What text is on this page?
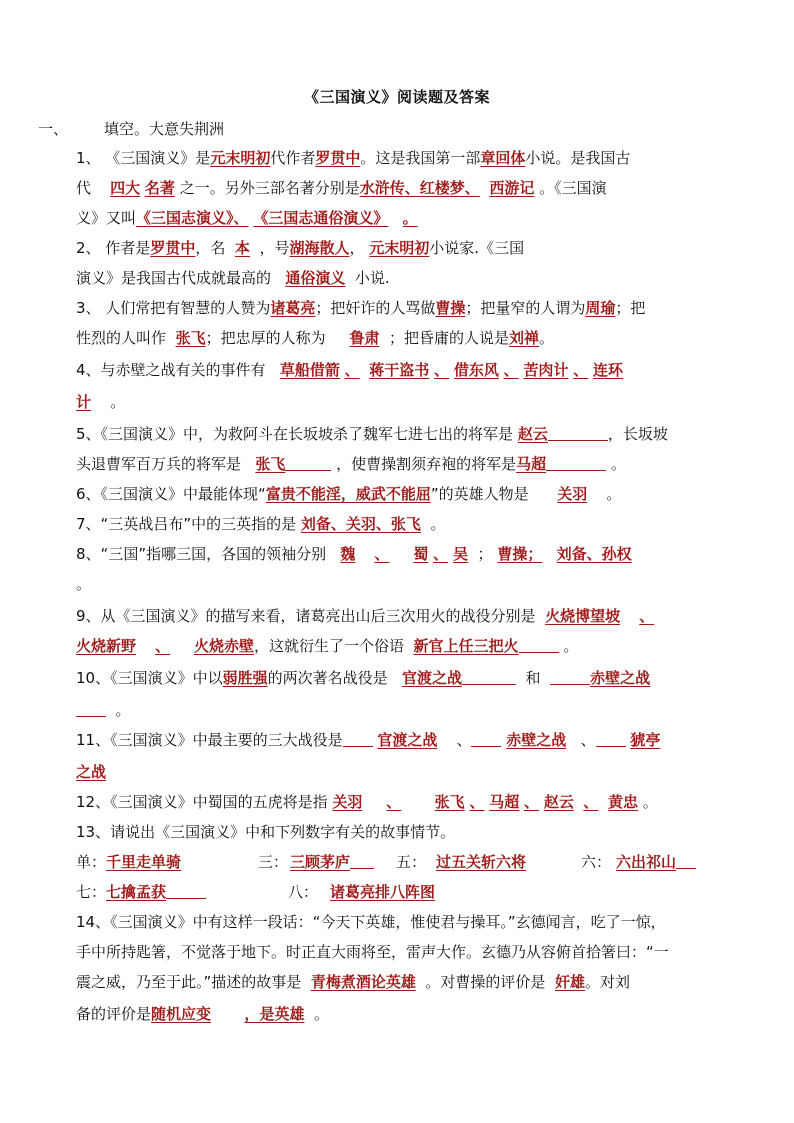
《三国演义》阅读题及答案
一、 填空。大意失荆洲
1、 《三国演义》是元末明初代作者罗贯中。这是我国第一部章回体小说。是我国古
代 四大 名著 之一。另外三部名著分别是水浒传、红楼梦、 西游记 。《三国演
义》又叫《三国志演义》、 《三国志通俗演义》 。
2、 作者是罗贯中，名 本 ，号湖海散人， 元末明初小说家.《三国
演义》是我国古代成就最高的 通俗演义 小说.
3、 人们常把有智慧的人赞为诸葛亮；把奸诈的人骂做曹操；把量窄的人谓为周瑜；把
性烈的人叫作 张飞；把忠厚的人称为 鲁肃 ；把昏庸的人说是刘禅。
4、与赤壁之战有关的事件有 草船借箭 、 蒋干盗书 、 借东风 、 苦肉计 、 连环
计 。
5、《三国演义》中，为救阿斗在长坂坡杀了魏军七进七出的将军是 赵云	，长坂坡
头退曹军百万兵的将军是 张飞	，使曹操割须弃袍的将军是马超	。
6、《三国演义》中最能体现“富贵不能淫，威武不能屈”的英雄人物是 关羽 。
7、“三英战吕布”中的三英指的是 刘备、关羽、张飞 。
8、“三国”指哪三国，各国的领袖分别 魏 、 蜀 、 吴 ； 曹操； 刘备、孙权
。
9、从《三国演义》的描写来看，诸葛亮出山后三次用火的战役分别是 火烧博望坡 、
火烧新野 、 火烧赤壁，这就衍生了一个俗语 新官上任三把火	。
10、《三国演义》中以弱胜强的两次著名战役是 官渡之战	和	赤壁之战
。
11、《三国演义》中最主要的三大战役是 官渡之战 、 赤壁之战 、 猇亭
之战
12、《三国演义》中蜀国的五虎将是指 关羽 、 张飞 、 马超 、 赵云 、 黄忠 。
13、请说出《三国演义》中和下列数字有关的故事情节。
单：千里走单骑	三： 三顾茅庐	五： 过五关斩六将	六： 六出祁山
七：七擒孟获	八： 诸葛亮排八阵图
14、《三国演义》中有这样一段话：“今天下英雄，惟使君与操耳。”玄德闻言，吃了一惊，
手中所持匙箸，不觉落于地下。时正直大雨将至，雷声大作。玄德乃从容俯首拾箸曰：“一
震之威，乃至于此。”描述的故事是 青梅煮酒论英雄 。对曹操的评价是 奸雄。对刘
备的评价是随机应变 ，是英雄 。
